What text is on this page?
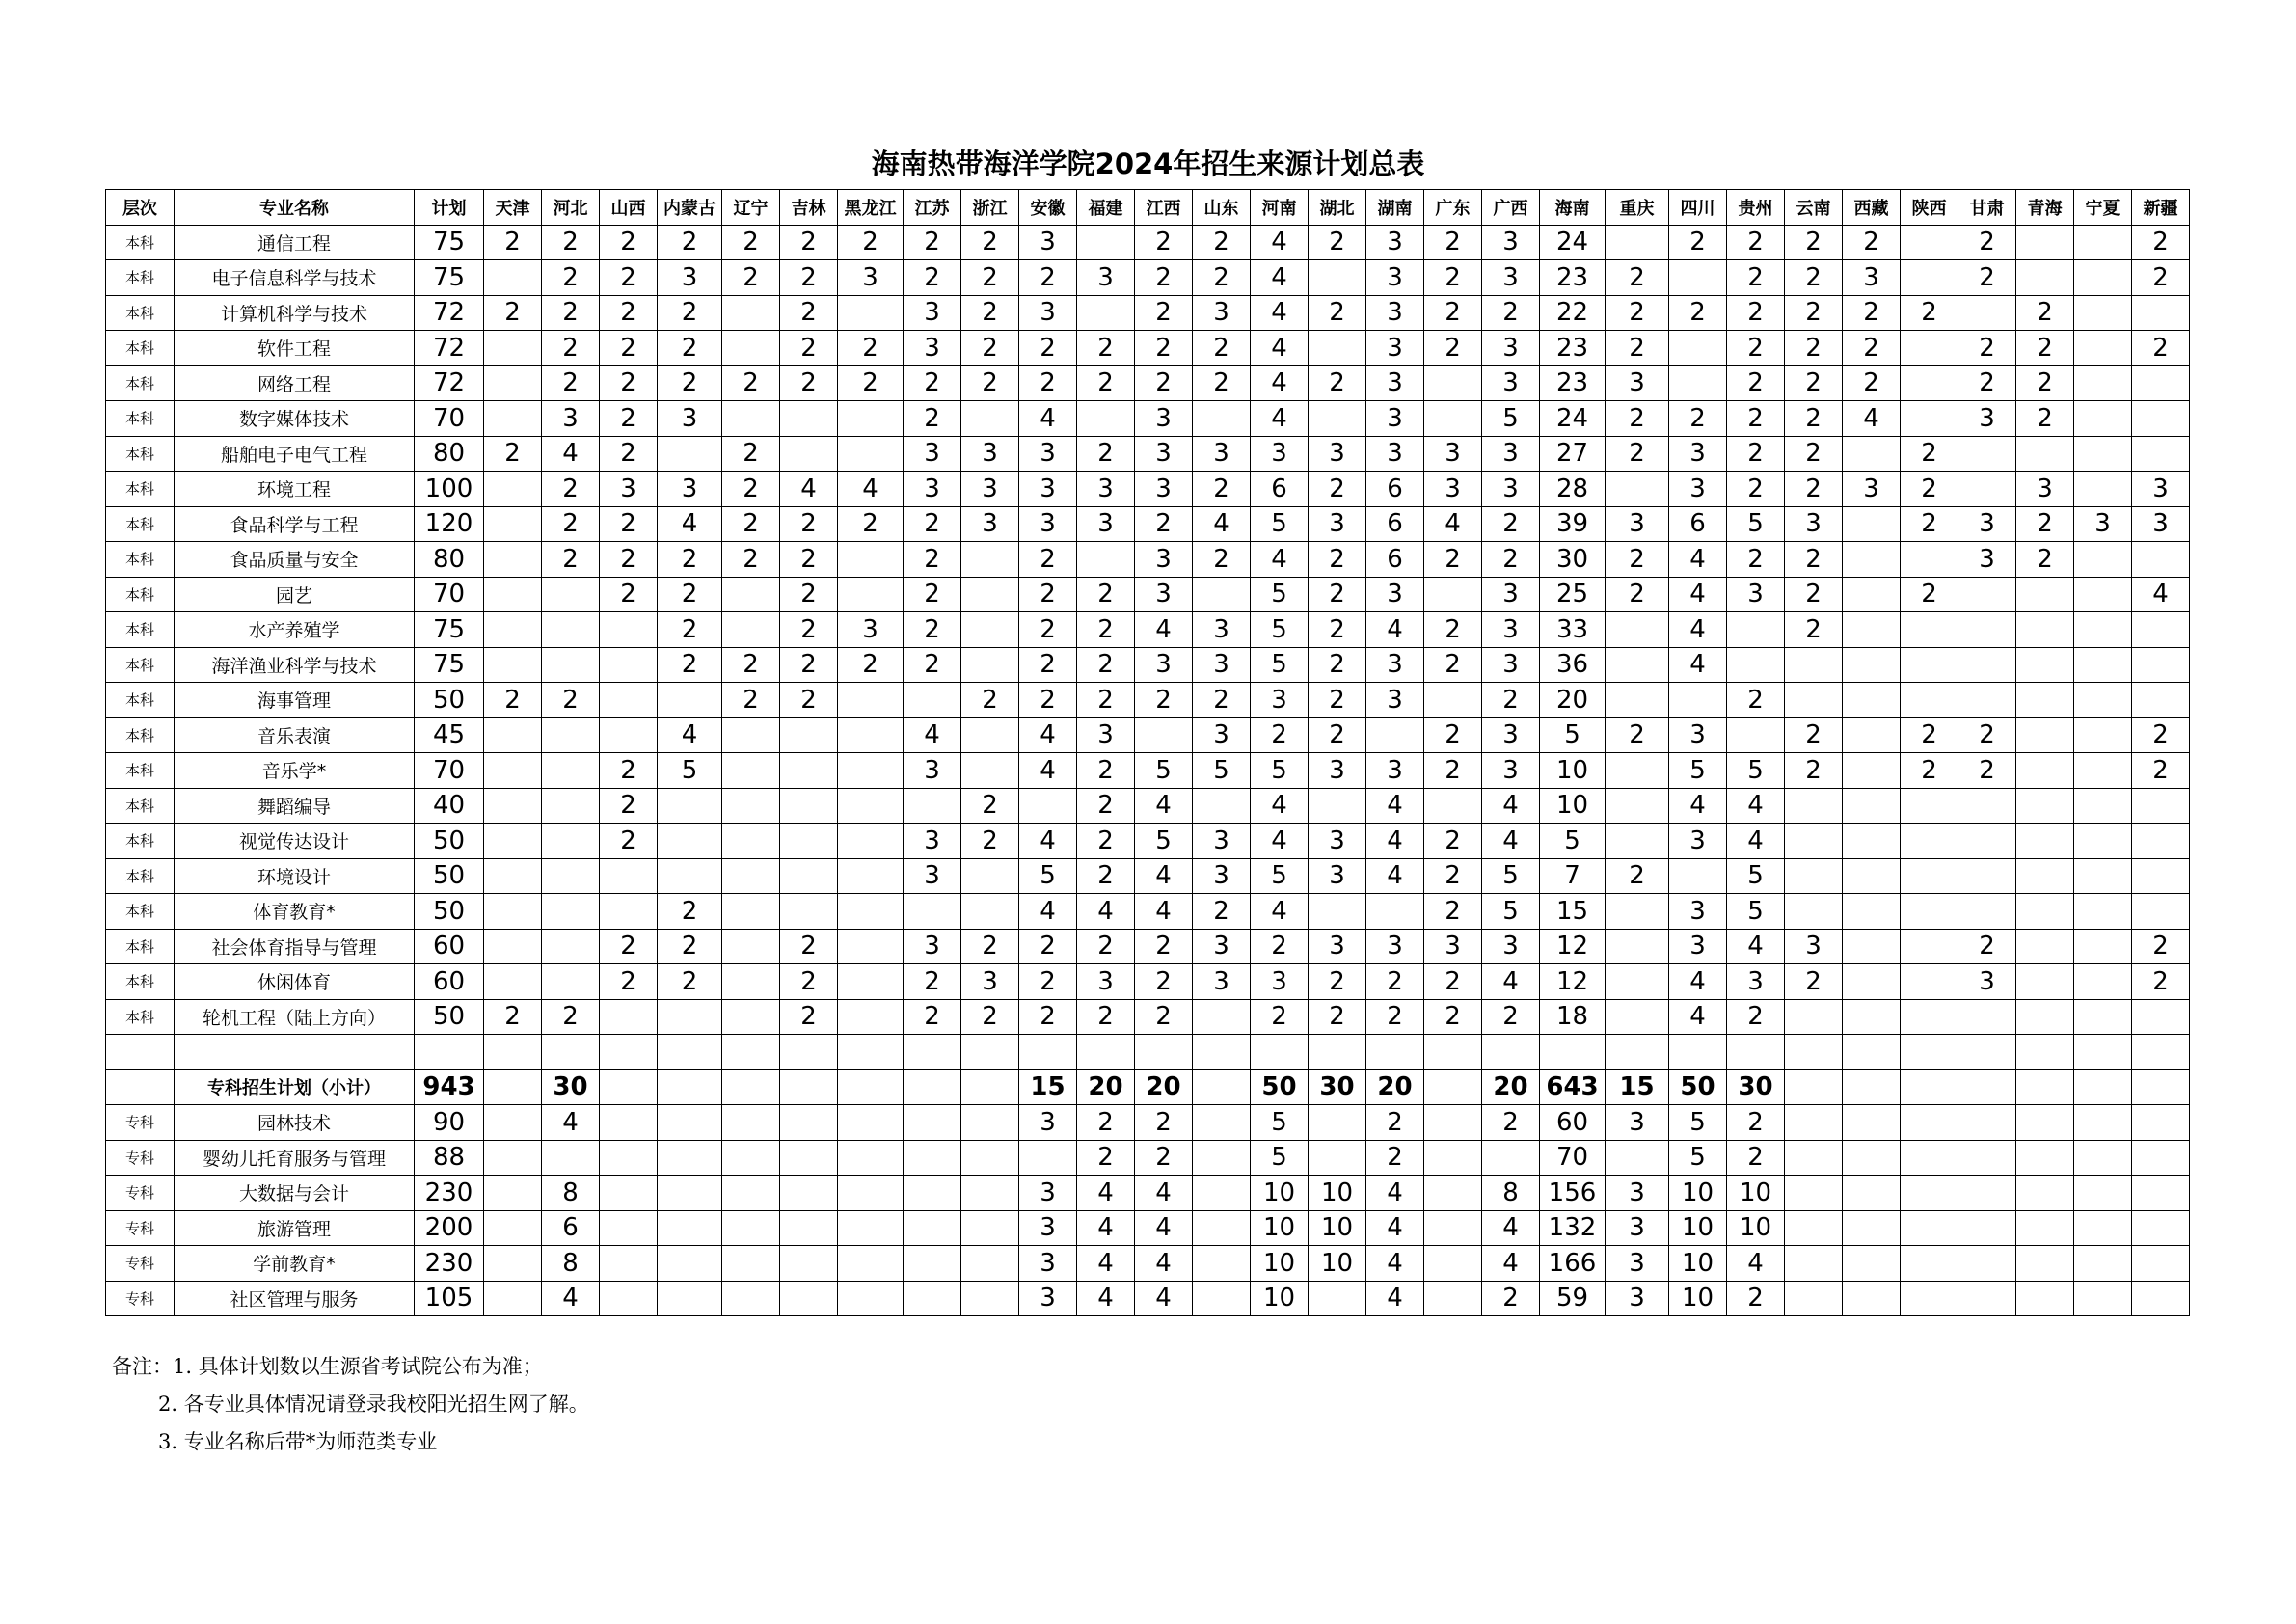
海南热带海洋学院2024年招生来源计划总表
层次	专业名称	计划	天津	河北	山西	内蒙古	辽宁	吉林	黑龙江	江苏	浙江	安徽	福建	江西	山东	河南	湖北	湖南	广东	广西	海南	重庆	四川	贵州	云南	西藏	陕西	甘肃	青海	宁夏	新疆
本科	通信工程	75	2	2	2	2	2	2	2	2	2	3		2	2	4	2	3	2	3	24		2	2	2	2		2			2
本科	电子信息科学与技术	75		2	2	3	2	2	3	2	2	2	3	2	2	4		3	2	3	23	2		2	2	3		2			2
本科	计算机科学与技术	72	2	2	2	2		2		3	2	3		2	3	4	2	3	2	2	22	2	2	2	2	2	2		2		
本科	软件工程	72		2	2	2		2	2	3	2	2	2	2	2	4		3	2	3	23	2		2	2	2		2	2		2
本科	网络工程	72		2	2	2	2	2	2	2	2	2	2	2	2	4	2	3		3	23	3		2	2	2		2	2		
本科	数字媒体技术	70		3	2	3				2		4		3		4		3		5	24	2	2	2	2	4		3	2		
本科	船舶电子电气工程	80	2	4	2		2			3	3	3	2	3	3	3	3	3	3	3	27	2	3	2	2		2				
本科	环境工程	100		2	3	3	2	4	4	3	3	3	3	3	2	6	2	6	3	3	28		3	2	2	3	2		3		3
本科	食品科学与工程	120		2	2	4	2	2	2	2	3	3	3	2	4	5	3	6	4	2	39	3	6	5	3		2	3	2	3	3
本科	食品质量与安全	80		2	2	2	2	2		2		2		3	2	4	2	6	2	2	30	2	4	2	2			3	2		
本科	园艺	70			2	2		2		2		2	2	3		5	2	3		3	25	2	4	3	2		2				4
本科	水产养殖学	75				2		2	3	2		2	2	4	3	5	2	4	2	3	33		4		2						
本科	海洋渔业科学与技术	75				2	2	2	2	2		2	2	3	3	5	2	3	2	3	36		4								
本科	海事管理	50	2	2			2	2			2	2	2	2	2	3	2	3		2	20			2							
本科	音乐表演	45				4				4		4	3		3	2	2		2	3	5	2	3		2		2	2			2
本科	音乐学*	70			2	5				3		4	2	5	5	5	3	3	2	3	10		5	5	2		2	2			2
本科	舞蹈编导	40			2						2		2	4		4		4		4	10		4	4							
本科	视觉传达设计	50			2					3	2	4	2	5	3	4	3	4	2	4	5		3	4							
本科	环境设计	50								3		5	2	4	3	5	3	4	2	5	7	2		5							
本科	体育教育*	50				2						4	4	4	2	4			2	5	15		3	5							
本科	社会体育指导与管理	60			2	2		2		3	2	2	2	2	3	2	3	3	3	3	12		3	4	3			2			2
本科	休闲体育	60			2	2		2		2	3	2	3	2	3	3	2	2	2	4	12		4	3	2			3			2
本科	轮机工程（陆上方向）	50	2	2				2		2	2	2	2	2		2	2	2	2	2	18		4	2							

	专科招生计划（小计）	943		30								15	20	20		50	30	20		20	643	15	50	30							
专科	园林技术	90		4								3	2	2		5		2		2	60	3	5	2							
专科	婴幼儿托育服务与管理	88											2	2		5		2			70		5	2							
专科	大数据与会计	230		8								3	4	4		10	10	4		8	156	3	10	10							
专科	旅游管理	200		6								3	4	4		10	10	4		4	132	3	10	10							
专科	学前教育*	230		8								3	4	4		10	10	4		4	166	3	10	4							
专科	社区管理与服务	105		4								3	4	4		10		4		2	59	3	10	2							
备注：1. 具体计划数以生源省考试院公布为准；
2. 各专业具体情况请登录我校阳光招生网了解。
3. 专业名称后带*为师范类专业
